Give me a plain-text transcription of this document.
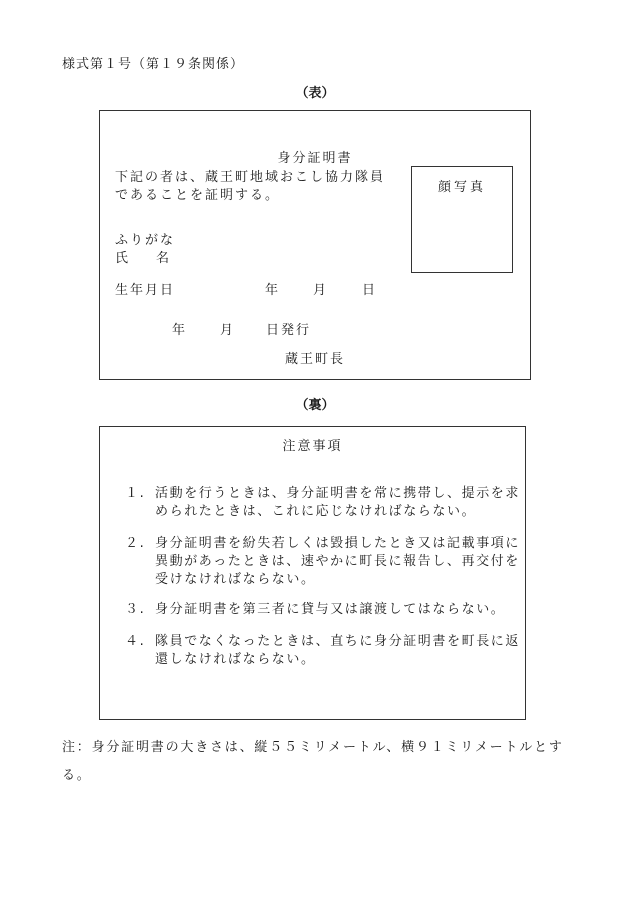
様式第１号（第１９条関係）
（表）
身分証明書
下記の者は、蔵王町地域おこし協力隊員
であることを証明する。
顔写真
ふりがな
氏 名
生年月日	年	月	日
年	月	日発行
蔵王町長
（裏）
注意事項
１. 活動を行うときは、身分証明書を常に携帯し、提示を求められたときは、これに応じなければならない。
２. 身分証明書を紛失若しくは毀損したとき又は記載事項に異動があったときは、速やかに町長に報告し、再交付を受けなければならない。
３. 身分証明書を第三者に貸与又は譲渡してはならない。
４. 隊員でなくなったときは、直ちに身分証明書を町長に返還しなければならない。
注：身分証明書の大きさは、縦５５ミリメートル、横９１ミリメートルとする。
